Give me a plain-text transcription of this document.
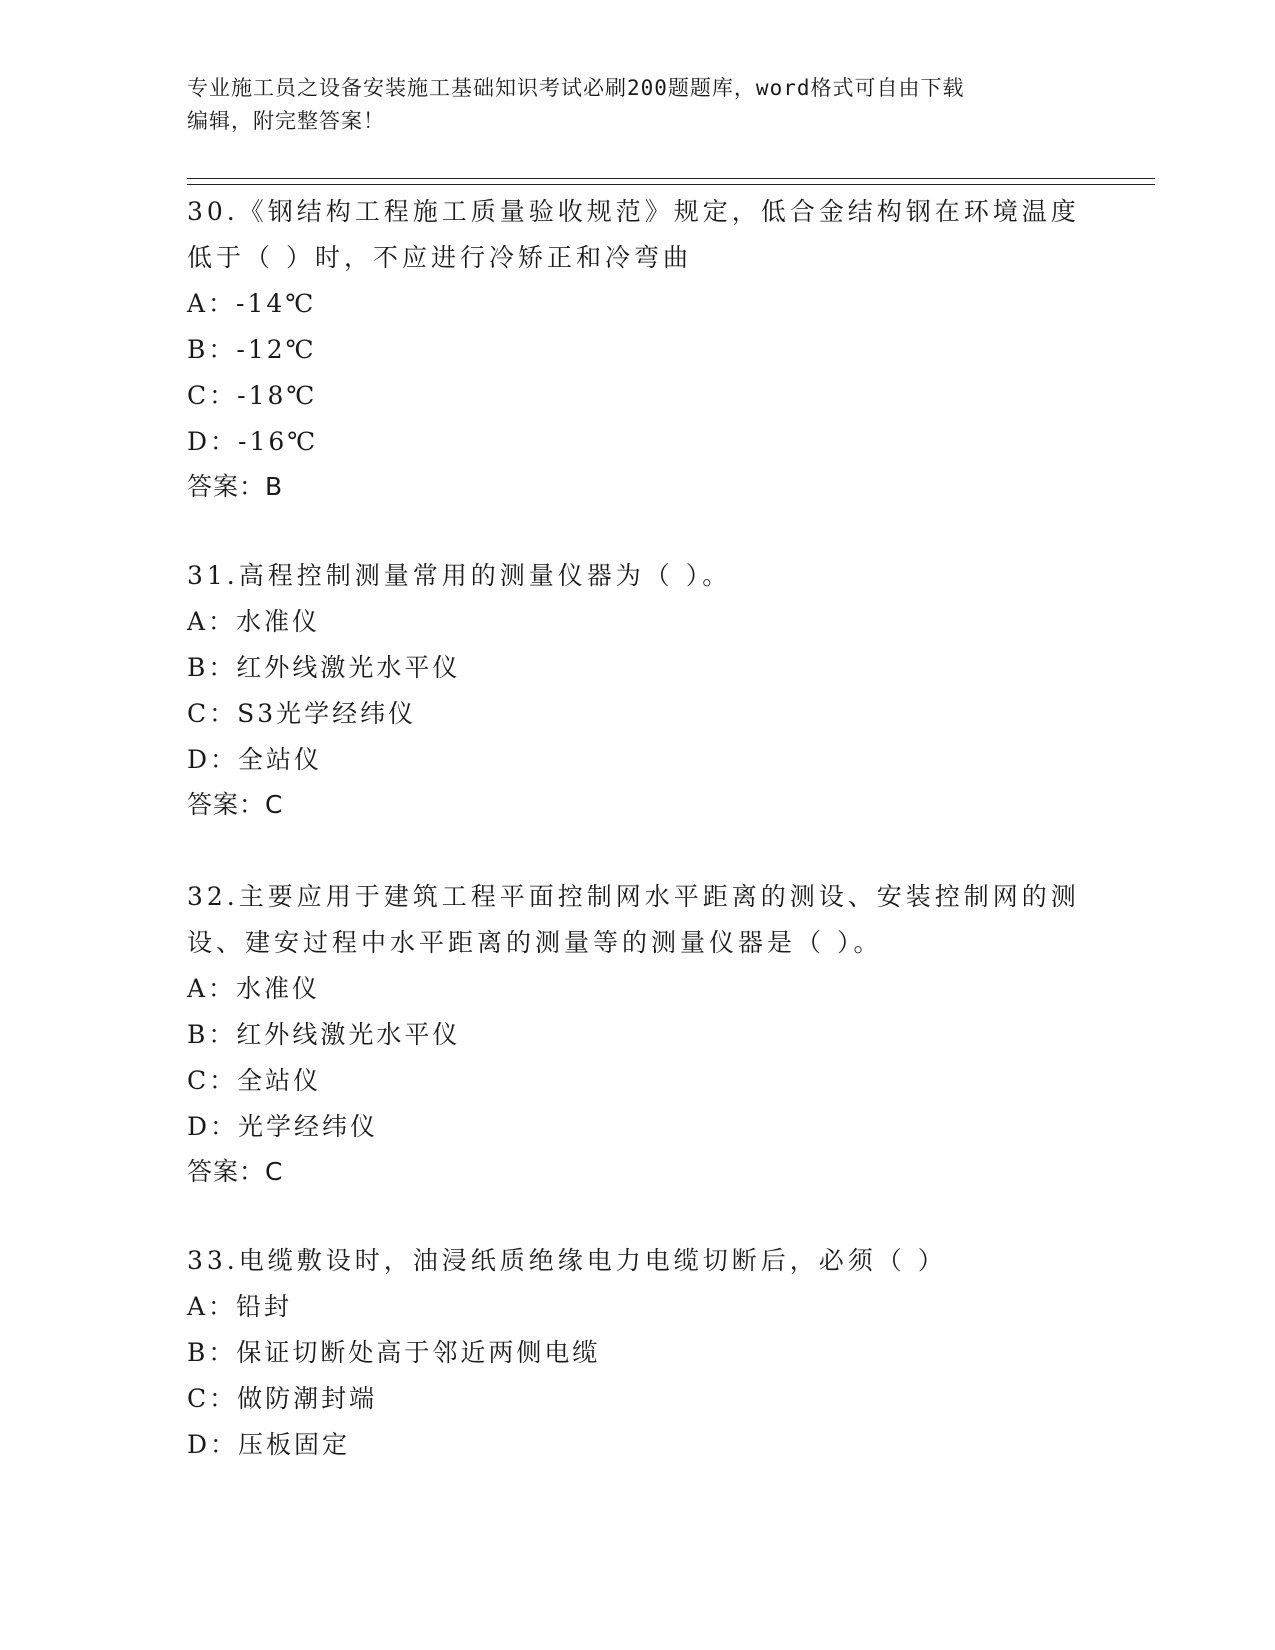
专业施工员之设备安装施工基础知识考试必刷200题题库，word格式可自由下载
编辑，附完整答案！

30.《钢结构工程施工质量验收规范》规定，低合金结构钢在环境温度

低于（ ）时，不应进行冷矫正和冷弯曲

A：-14℃

B：-12℃

C：-18℃

D：-16℃

答案：B

31.高程控制测量常用的测量仪器为（ ）。

A：水准仪

B：红外线激光水平仪

C：S3光学经纬仪

D：全站仪

答案：C

32.主要应用于建筑工程平面控制网水平距离的测设、安装控制网的测

设、建安过程中水平距离的测量等的测量仪器是（ ）。

A：水准仪

B：红外线激光水平仪

C：全站仪

D：光学经纬仪

答案：C

33.电缆敷设时，油浸纸质绝缘电力电缆切断后，必须（ ）

A：铅封

B：保证切断处高于邻近两侧电缆

C：做防潮封端

D：压板固定
